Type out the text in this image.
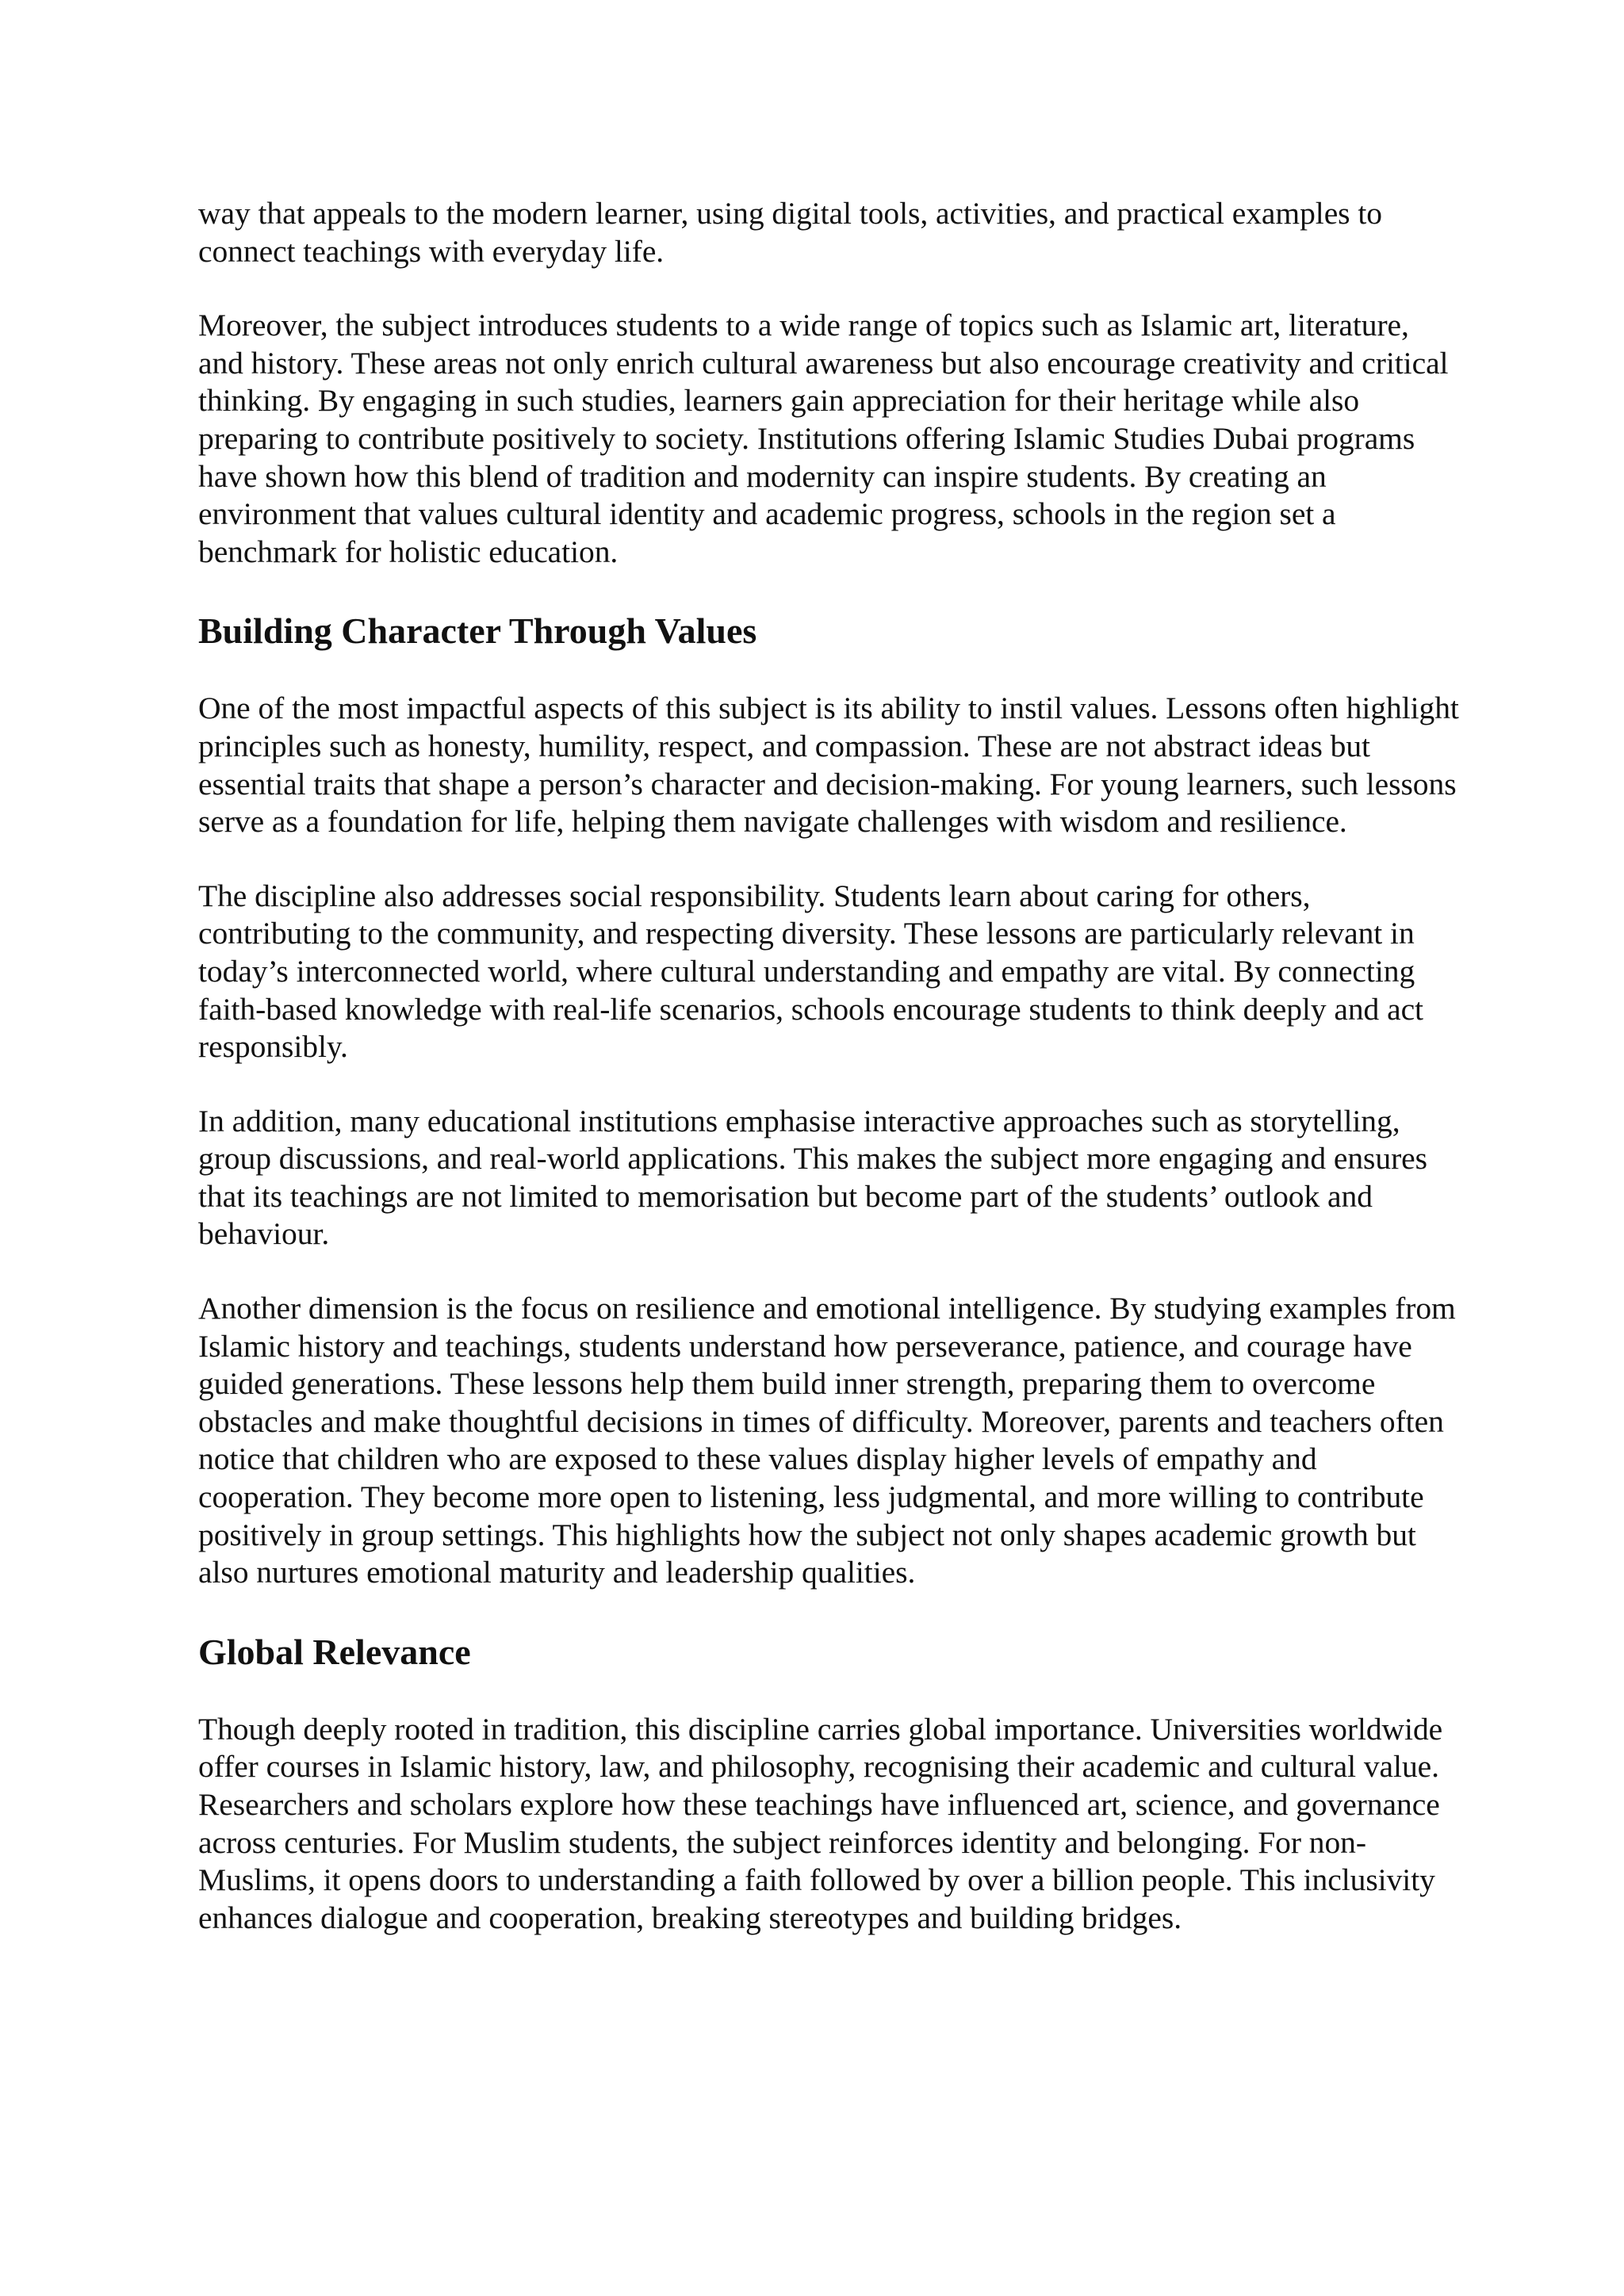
way that appeals to the modern learner, using digital tools, activities, and practical examples to connect teachings with everyday life.

Moreover, the subject introduces students to a wide range of topics such as Islamic art, literature, and history. These areas not only enrich cultural awareness but also encourage creativity and critical thinking. By engaging in such studies, learners gain appreciation for their heritage while also preparing to contribute positively to society. Institutions offering Islamic Studies Dubai programs have shown how this blend of tradition and modernity can inspire students. By creating an environment that values cultural identity and academic progress, schools in the region set a benchmark for holistic education.

Building Character Through Values

One of the most impactful aspects of this subject is its ability to instil values. Lessons often highlight principles such as honesty, humility, respect, and compassion. These are not abstract ideas but essential traits that shape a person’s character and decision-making. For young learners, such lessons serve as a foundation for life, helping them navigate challenges with wisdom and resilience.

The discipline also addresses social responsibility. Students learn about caring for others, contributing to the community, and respecting diversity. These lessons are particularly relevant in today’s interconnected world, where cultural understanding and empathy are vital. By connecting faith-based knowledge with real-life scenarios, schools encourage students to think deeply and act responsibly.

In addition, many educational institutions emphasise interactive approaches such as storytelling, group discussions, and real-world applications. This makes the subject more engaging and ensures that its teachings are not limited to memorisation but become part of the students’ outlook and behaviour.

Another dimension is the focus on resilience and emotional intelligence. By studying examples from Islamic history and teachings, students understand how perseverance, patience, and courage have guided generations. These lessons help them build inner strength, preparing them to overcome obstacles and make thoughtful decisions in times of difficulty. Moreover, parents and teachers often notice that children who are exposed to these values display higher levels of empathy and cooperation. They become more open to listening, less judgmental, and more willing to contribute positively in group settings. This highlights how the subject not only shapes academic growth but also nurtures emotional maturity and leadership qualities.

Global Relevance

Though deeply rooted in tradition, this discipline carries global importance. Universities worldwide offer courses in Islamic history, law, and philosophy, recognising their academic and cultural value. Researchers and scholars explore how these teachings have influenced art, science, and governance across centuries. For Muslim students, the subject reinforces identity and belonging. For non-Muslims, it opens doors to understanding a faith followed by over a billion people. This inclusivity enhances dialogue and cooperation, breaking stereotypes and building bridges.
